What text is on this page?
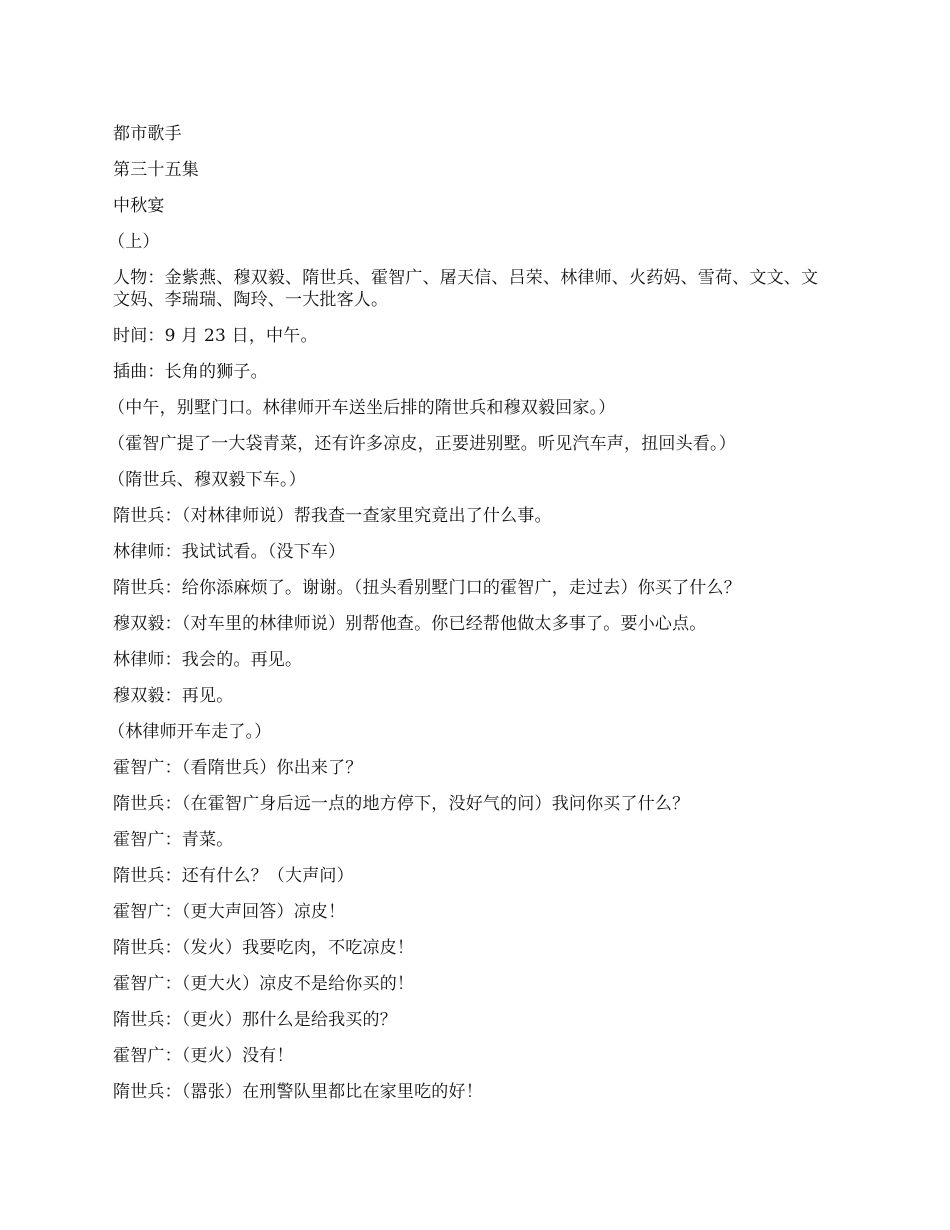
都市歌手

第三十五集

中秋宴

（上）

人物：金紫燕、穆双毅、隋世兵、霍智广、屠天信、吕荣、林律师、火药妈、雪荷、文文、文文妈、李瑞瑞、陶玲、一大批客人。

时间：9 月 23 日，中午。

插曲：长角的狮子。

（中午，别墅门口。林律师开车送坐后排的隋世兵和穆双毅回家。）

（霍智广提了一大袋青菜，还有许多凉皮，正要进别墅。听见汽车声，扭回头看。）

（隋世兵、穆双毅下车。）

隋世兵：（对林律师说）帮我查一查家里究竟出了什么事。

林律师：我试试看。（没下车）

隋世兵：给你添麻烦了。谢谢。（扭头看别墅门口的霍智广，走过去）你买了什么？

穆双毅：（对车里的林律师说）别帮他查。你已经帮他做太多事了。要小心点。

林律师：我会的。再见。

穆双毅：再见。

（林律师开车走了。）

霍智广：（看隋世兵）你出来了？

隋世兵：（在霍智广身后远一点的地方停下，没好气的问）我问你买了什么？

霍智广：青菜。

隋世兵：还有什么？（大声问）

霍智广：（更大声回答）凉皮！

隋世兵：（发火）我要吃肉，不吃凉皮！

霍智广：（更大火）凉皮不是给你买的！

隋世兵：（更火）那什么是给我买的？

霍智广：（更火）没有！

隋世兵：（嚣张）在刑警队里都比在家里吃的好！
